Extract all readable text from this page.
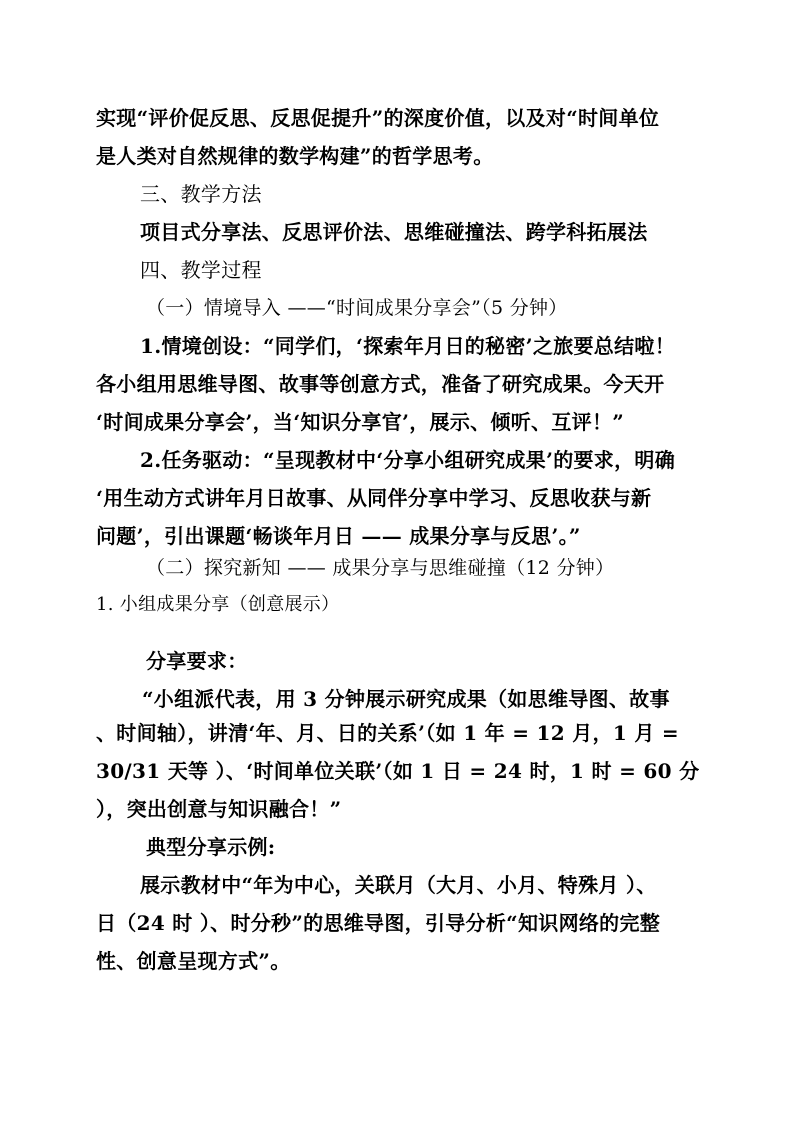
实现“评价促反思、反思促提升”的深度价值，以及对“时间单位
是人类对自然规律的数学构建”的哲学思考。
三、教学方法
项目式分享法、反思评价法、思维碰撞法、跨学科拓展法
四、教学过程
（一）情境导入 ——“时间成果分享会”（5 分钟）
1.情境创设：“同学们，‘探索年月日的秘密’之旅要总结啦！
各小组用思维导图、故事等创意方式，准备了研究成果。今天开
‘时间成果分享会’，当‘知识分享官’，展示、倾听、互评！”
2.任务驱动：“呈现教材中‘分享小组研究成果’的要求，明确
‘用生动方式讲年月日故事、从同伴分享中学习、反思收获与新
问题’，引出课题‘畅谈年月日 —— 成果分享与反思’。”
（二）探究新知 —— 成果分享与思维碰撞（12 分钟）
1. 小组成果分享（创意展示）
分享要求：
“小组派代表，用 3 分钟展示研究成果（如思维导图、故事
、时间轴），讲清‘年、月、日的关系’（如 1 年 = 12 月，1 月 =
30/31 天等 ）、‘时间单位关联’（如 1 日 = 24 时，1 时 = 60 分
），突出创意与知识融合！”
典型分享示例:
展示教材中“年为中心，关联月（大月、小月、特殊月 ）、
日（24 时 ）、时分秒”的思维导图，引导分析“知识网络的完整
性、创意呈现方式”。
